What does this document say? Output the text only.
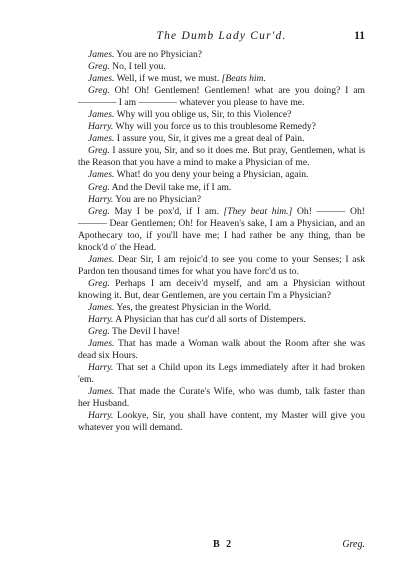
The Dumb Lady Cur'd.	11

James. You are no Physician?

Greg. No, I tell you.

James. Well, if we must, we must. [Beats him.

Greg. Oh! Oh! Gentlemen! Gentlemen! what are you doing? I am ———— I am ———— whatever you please to have me.

James. Why will you oblige us, Sir, to this Violence?

Harry. Why will you force us to this troublesome Remedy?

James. I assure you, Sir, it gives me a great deal of Pain.

Greg. I assure you, Sir, and so it does me. But pray, Gentlemen, what is the Reason that you have a mind to make a Physician of me.

James. What! do you deny your being a Physician, again.

Greg. And the Devil take me, if I am.

Harry. You are no Physician?

Greg. May I be pox'd, if I am. [They beat him.] Oh! ——— Oh! ——— Dear Gentlemen; Oh! for Heaven's sake, I am a Physician, and an Apothecary too, if you'll have me; I had rather be any thing, than be knock'd o' the Head.

James. Dear Sir, I am rejoic'd to see you come to your Senses; I ask Pardon ten thousand times for what you have forc'd us to.

Greg. Perhaps I am deceiv'd myself, and am a Physician without knowing it. But, dear Gentlemen, are you certain I'm a Physician?

James. Yes, the greatest Physician in the World.

Harry. A Physician that has cur'd all sorts of Distempers.

Greg. The Devil I have!

James. That has made a Woman walk about the Room after she was dead six Hours.

Harry. That set a Child upon its Legs immediately after it had broken 'em.

James. That made the Curate's Wife, who was dumb, talk faster than her Husband.

Harry. Lookye, Sir, you shall have content, my Master will give you whatever you will demand.

B 2	Greg.
